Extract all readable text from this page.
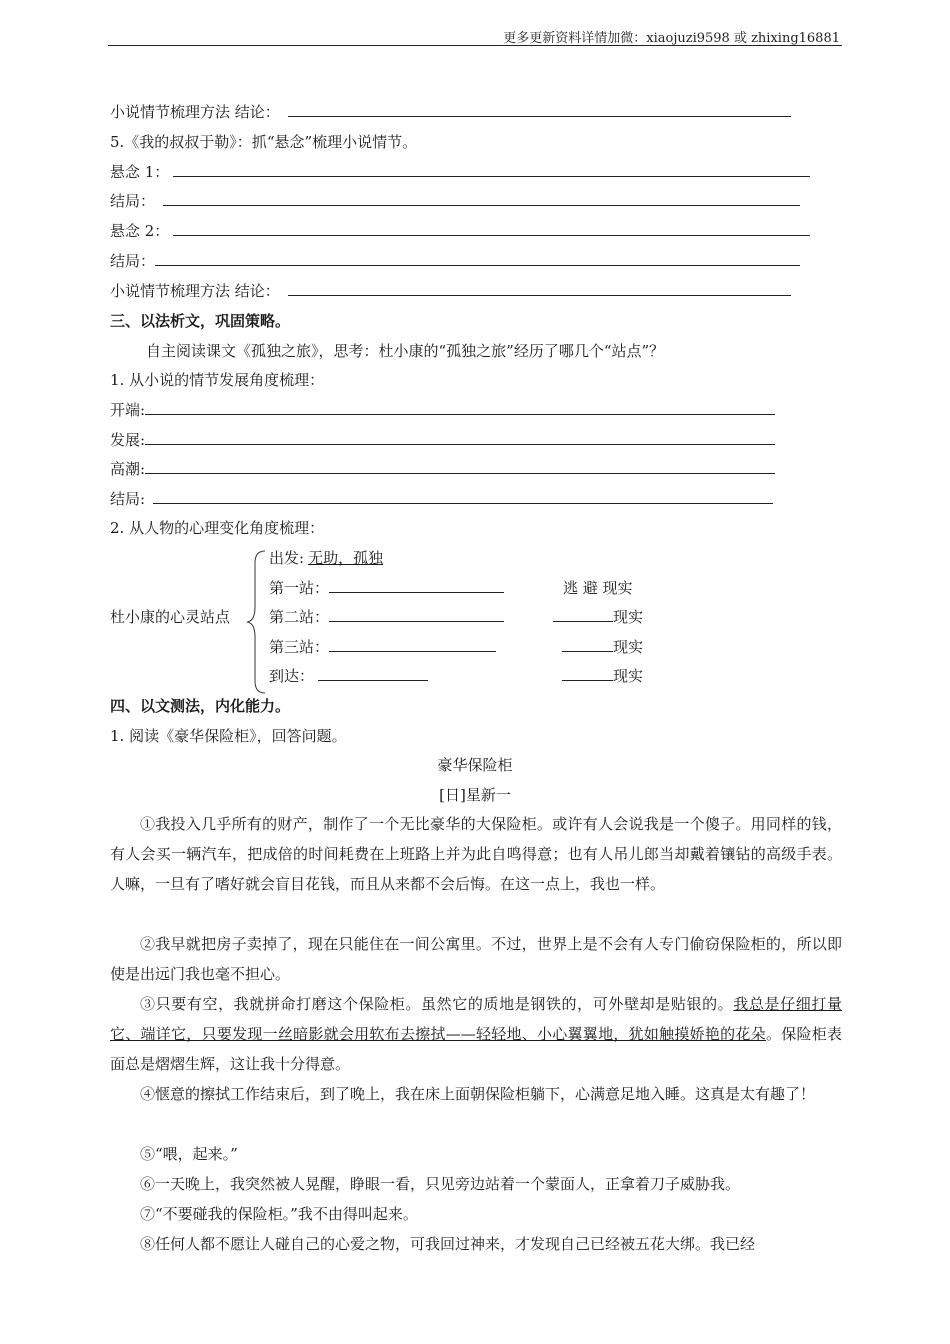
更多更新资料详情加微：xiaojuzi9598 或 zhixing16881
小说情节梳理方法 结论：
5.《我的叔叔于勒》：抓“悬念”梳理小说情节。
悬念 1：
结局：
悬念 2：
结局：
小说情节梳理方法 结论：
三、以法析文，巩固策略。
自主阅读课文《孤独之旅》，思考：杜小康的“孤独之旅”经历了哪几个“站点”？
1. 从小说的情节发展角度梳理：
开端:
发展:
高潮:
结局:
2. 从人物的心理变化角度梳理：
杜小康的心灵站点
出发: 无助，孤独
第一站：	逃 避 现实
第二站：	现实
第三站：	现实
到达：	现实
四、以文测法，内化能力。
1. 阅读《豪华保险柜》，回答问题。
豪华保险柜
[日]星新一
①我投入几乎所有的财产，制作了一个无比豪华的大保险柜。或许有人会说我是一个傻子。用同样的钱，有人会买一辆汽车，把成倍的时间耗费在上班路上并为此自鸣得意；也有人吊儿郎当却戴着镶钻的高级手表。人嘛，一旦有了嗜好就会盲目花钱，而且从来都不会后悔。在这一点上，我也一样。
②我早就把房子卖掉了，现在只能住在一间公寓里。不过，世界上是不会有人专门偷窃保险柜的，所以即使是出远门我也毫不担心。
③只要有空，我就拼命打磨这个保险柜。虽然它的质地是钢铁的，可外壁却是贴银的。我总是仔细打量它、端详它，只要发现一丝暗影就会用软布去擦拭——轻轻地、小心翼翼地，犹如触摸娇艳的花朵。保险柜表面总是熠熠生辉，这让我十分得意。
④惬意的擦拭工作结束后，到了晚上，我在床上面朝保险柜躺下，心满意足地入睡。这真是太有趣了！
⑤“喂，起来。”
⑥一天晚上，我突然被人晃醒，睁眼一看，只见旁边站着一个蒙面人，正拿着刀子威胁我。
⑦“不要碰我的保险柜。”我不由得叫起来。
⑧任何人都不愿让人碰自己的心爱之物，可我回过神来，才发现自己已经被五花大绑。我已经
